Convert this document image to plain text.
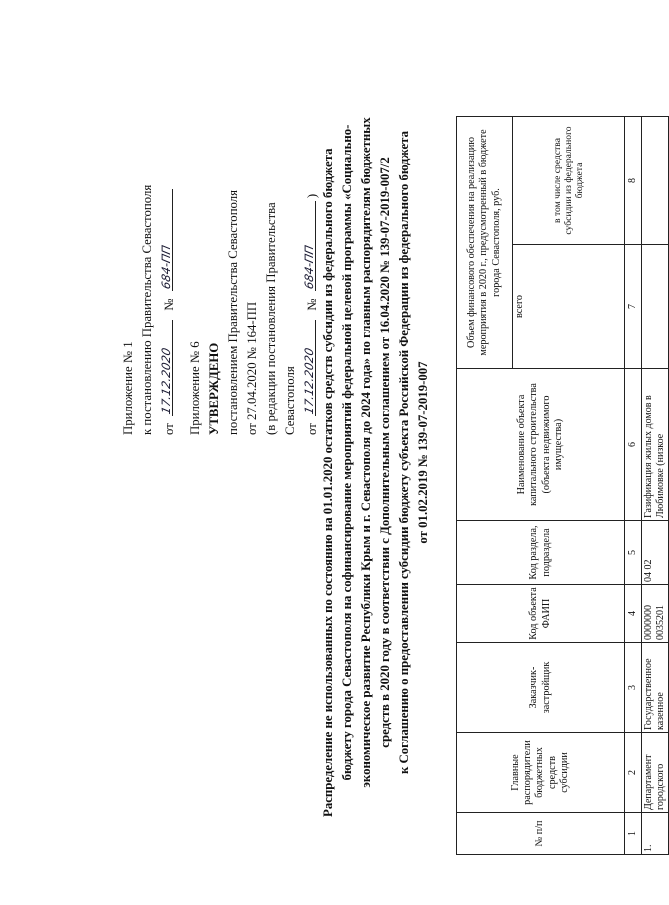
Приложение № 1 к постановлению Правительства Севастополя от
17.12.2020
№
684-ПП
Приложение № 6 УТВЕРЖДЕНО постановлением Правительства Севастополя от 27.04.2020 № 164-ПП (в редакции постановления Правительства Севастополя от
17.12.2020
№
684-ПП
) Распределение не использованных по состоянию на 01.01.2020 остатков средств субсидии из федерального бюджета бюджету города Севастополя на софинансирование мероприятий федеральной целевой программы «Социально- экономическое развитие Республики Крым и г. Севастополя до 2024 года» по главным распорядителям бюджетных средств в 2020 году в соответствии с Дополнительным соглашением от 16.04.2020 № 139-07-2019-007/2 к Соглашению о предоставлении субсидии бюджету субъекта Российской Федерации из федерального бюджета от 01.02.2019 № 139-07-2019-007
№ п/п	Главные распорядители бюджетных средств субсидии	Заказчик-застройщик	Код объекта ФАИП	Код раздела, подраздела	Наименование объекта капитального строительства (объекта недвижимого имущества)	Объем финансового обеспечения на реализацию мероприятия в 2020 г., предусмотренный в бюджете города Севастополя, руб.	
						всего	в том числе средства субсидии из федерального бюджета
1	2	3	4	5	6	7	8
1.	Департамент городского	Государственное казенное	0000000 0035201	04 02	Газификация жилых домов в Любимовке (низкое		
